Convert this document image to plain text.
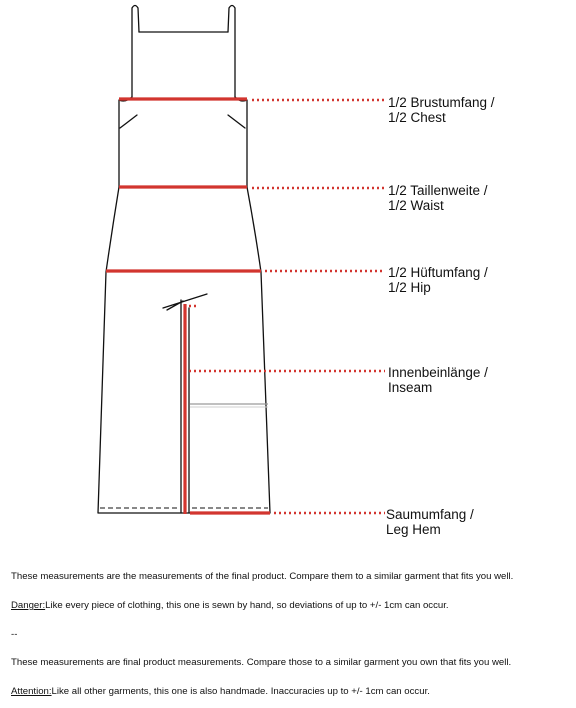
1/2 Brustumfang /
1/2 Chest
1/2 Taillenweite /
1/2 Waist
1/2 Hüftumfang /
1/2 Hip
Innenbeinlänge /
Inseam
Saumumfang /
Leg Hem
These measurements are the measurements of the final product. Compare them to a similar garment that fits you well.
Danger:Like every piece of clothing, this one is sewn by hand, so deviations of up to +/- 1cm can occur.
--
These measurements are final product measurements. Compare those to a similar garment you own that fits you well.
Attention:Like all other garments, this one is also handmade. Inaccuracies up to +/- 1cm can occur.
